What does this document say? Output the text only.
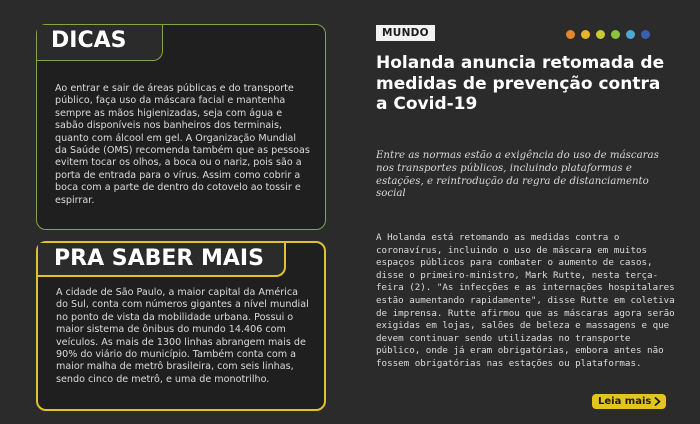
DICAS

Ao entrar e sair de áreas públicas e do transporte público, faça uso da máscara facial e mantenha sempre as mãos higienizadas, seja com água e sabão disponíveis nos banheiros dos terminais, quanto com álcool em gel. A Organização Mundial da Saúde (OMS) recomenda também que as pessoas evitem tocar os olhos, a boca ou o nariz, pois são a porta de entrada para o vírus. Assim como cobrir a boca com a parte de dentro do cotovelo ao tossir e espirrar.

PRA SABER MAIS

A cidade de São Paulo, a maior capital da América do Sul, conta com números gigantes a nível mundial no ponto de vista da mobilidade urbana. Possui o maior sistema de ônibus do mundo 14.406 com veículos. As mais de 1300 linhas abrangem mais de 90% do viário do município. Também conta com a maior malha de metrô brasileira, com seis linhas, sendo cinco de metrô, e uma de monotrilho.

MUNDO
Holanda anuncia retomada de medidas de prevenção contra a Covid-19

Entre as normas estão a exigência do uso de máscaras nos transportes públicos, incluindo plataformas e estações, e reintrodução da regra de distanciamento social

A Holanda está retomando as medidas contra o coronavírus, incluindo o uso de máscara em muitos espaços públicos para combater o aumento de casos, disse o primeiro-ministro, Mark Rutte, nesta terça-feira (2). "As infecções e as internações hospitalares estão aumentando rapidamente", disse Rutte em coletiva de imprensa. Rutte afirmou que as máscaras agora serão exigidas em lojas, salões de beleza e massagens e que devem continuar sendo utilizadas no transporte público, onde já eram obrigatórias, embora antes não fossem obrigatórias nas estações ou plataformas.

Leia mais
